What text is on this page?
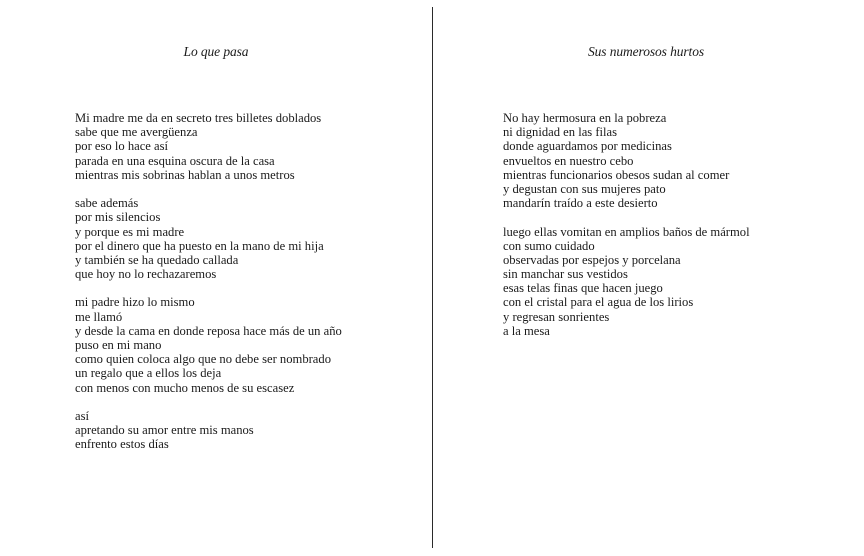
Lo que pasa
Mi madre me da en secreto tres billetes doblados
sabe que me avergüenza
por eso lo hace así
parada en una esquina oscura de la casa
mientras mis sobrinas hablan a unos metros
sabe además
por mis silencios
y porque es mi madre
por el dinero que ha puesto en la mano de mi hija
y también se ha quedado callada
que hoy no lo rechazaremos
mi padre hizo lo mismo
me llamó
y desde la cama en donde reposa hace más de un año
puso en mi mano
como quien coloca algo que no debe ser nombrado
un regalo que a ellos los deja
con menos con mucho menos de su escasez
así
apretando su amor entre mis manos
enfrento estos días
Sus numerosos hurtos
No hay hermosura en la pobreza
ni dignidad en las filas
donde aguardamos por medicinas
envueltos en nuestro cebo
mientras funcionarios obesos sudan al comer
y degustan con sus mujeres pato
mandarín traído a este desierto
luego ellas vomitan en amplios baños de mármol
con sumo cuidado
observadas por espejos y porcelana
sin manchar sus vestidos
esas telas finas que hacen juego
con el cristal para el agua de los lirios
y regresan sonrientes
a la mesa
